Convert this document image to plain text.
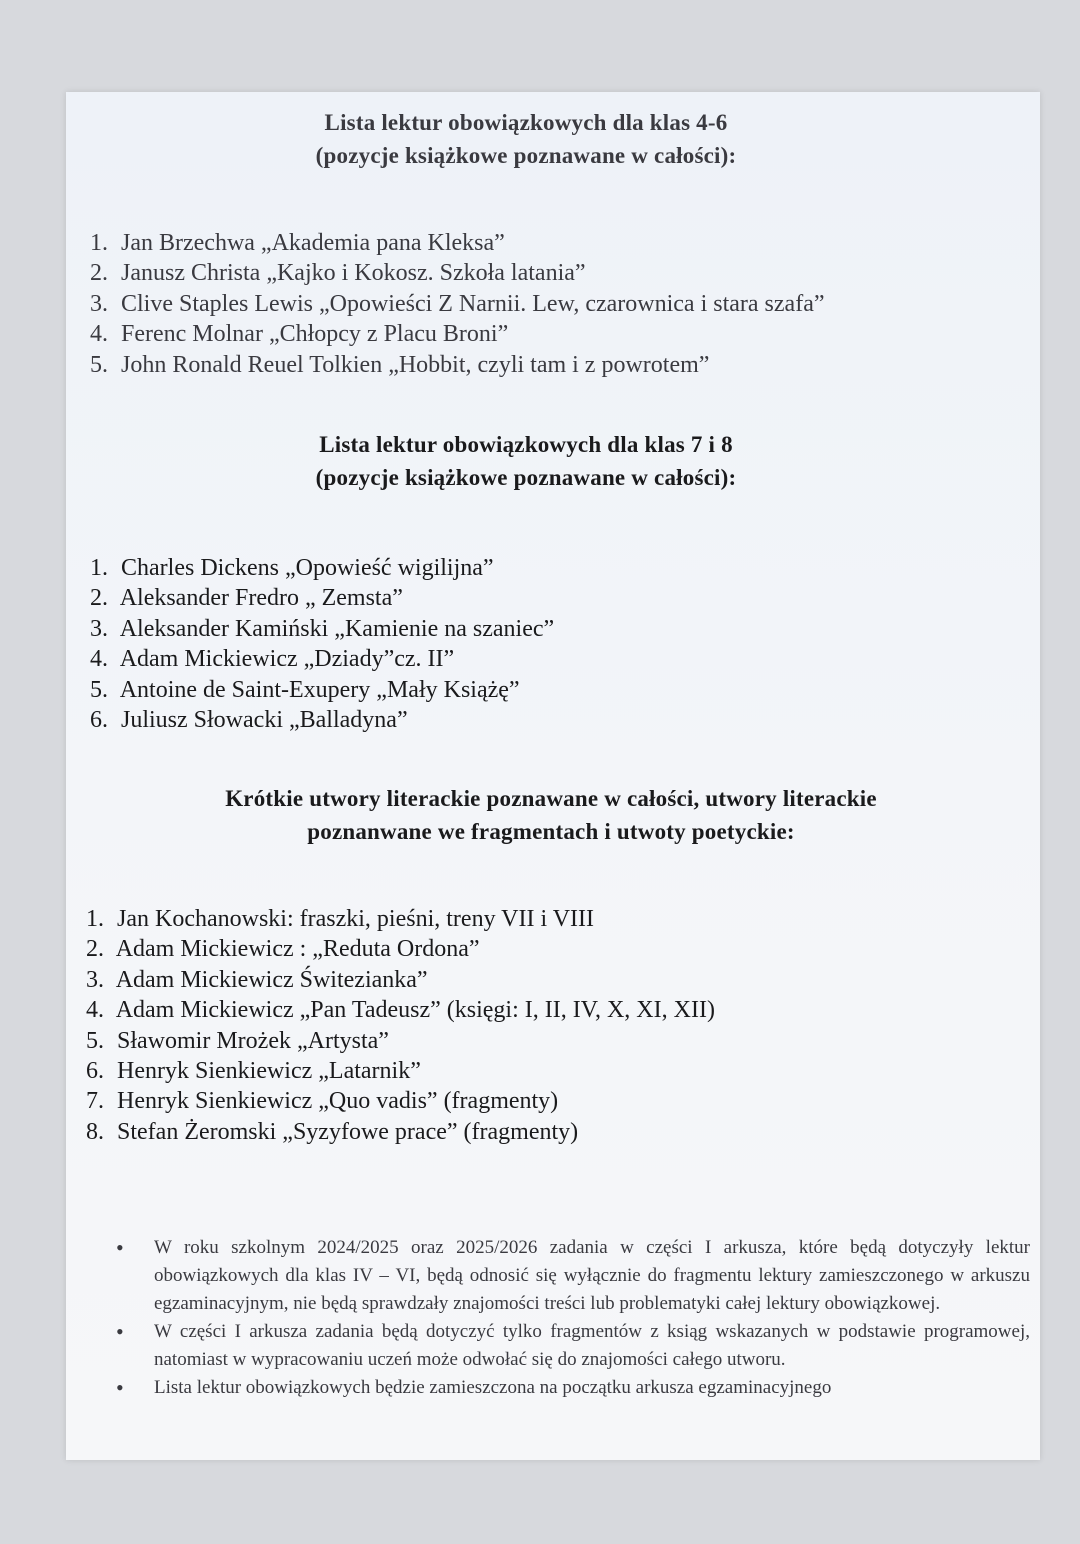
Lista lektur obowiązkowych dla klas 4-6
(pozycje książkowe poznawane w całości):
1. Jan Brzechwa „Akademia pana Kleksa”
2. Janusz Christa „Kajko i Kokosz. Szkoła latania”
3. Clive Staples Lewis „Opowieści Z Narnii. Lew, czarownica i stara szafa”
4. Ferenc Molnar „Chłopcy z Placu Broni”
5. John Ronald Reuel Tolkien „Hobbit, czyli tam i z powrotem”
Lista lektur obowiązkowych dla klas 7 i 8
(pozycje książkowe poznawane w całości):
1. Charles Dickens „Opowieść wigilijna”
2. Aleksander Fredro „ Zemsta”
3. Aleksander Kamiński „Kamienie na szaniec”
4. Adam Mickiewicz „Dziady”cz. II”
5. Antoine de Saint-Exupery „Mały Książę”
6. Juliusz Słowacki „Balladyna”
Krótkie utwory literackie poznawane w całości, utwory literackie
poznanwane we fragmentach i utwoty poetyckie:
1. Jan Kochanowski: fraszki, pieśni, treny VII i VIII
2. Adam Mickiewicz : „Reduta Ordona”
3. Adam Mickiewicz Świtezianka”
4. Adam Mickiewicz „Pan Tadeusz” (księgi: I, II, IV, X, XI, XII)
5. Sławomir Mrożek „Artysta”
6. Henryk Sienkiewicz „Latarnik”
7. Henryk Sienkiewicz „Quo vadis” (fragmenty)
8. Stefan Żeromski „Syzyfowe prace” (fragmenty)
• W roku szkolnym 2024/2025 oraz 2025/2026 zadania w części I arkusza, które będą dotyczyły lektur obowiązkowych dla klas IV – VI, będą odnosić się wyłącznie do fragmentu lektury zamieszczonego w arkuszu egzaminacyjnym, nie będą sprawdzały znajomości treści lub problematyki całej lektury obowiązkowej.
• W części I arkusza zadania będą dotyczyć tylko fragmentów z ksiąg wskazanych w podstawie programowej, natomiast w wypracowaniu uczeń może odwołać się do znajomości całego utworu.
• Lista lektur obowiązkowych będzie zamieszczona na początku arkusza egzaminacyjnego
